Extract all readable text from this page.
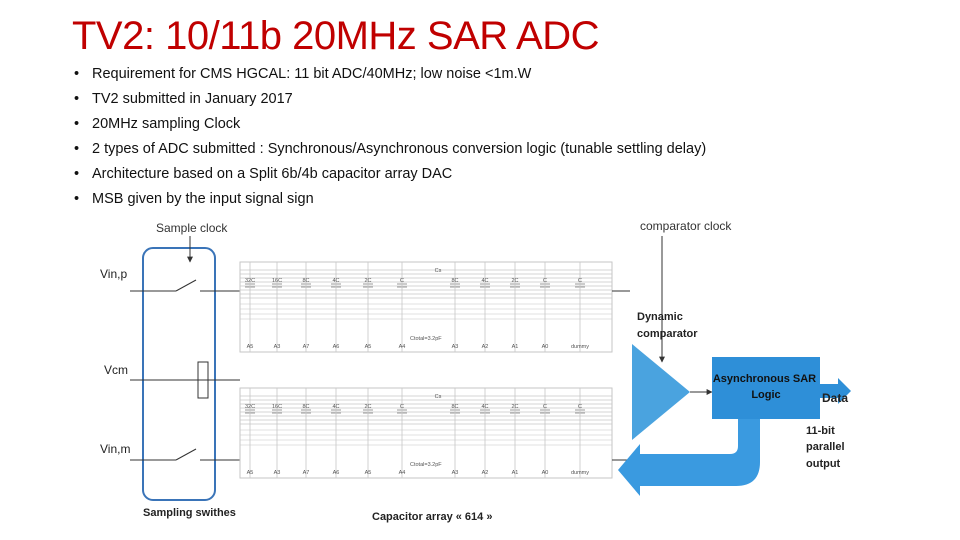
TV2: 10/11b 20MHz SAR ADC
• Requirement for CMS HGCAL: 11 bit ADC/40MHz; low noise <1m.W
• TV2 submitted in January 2017
• 20MHz sampling Clock
• 2 types of ADC submitted : Synchronous/Asynchronous conversion logic (tunable settling delay)
• Architecture based on a Split 6b/4b capacitor array DAC
• MSB given by the input signal sign
32C
A5
16C
A3
8C
A7
4C
A6
2C
A5
C
A4
8C
A3
4C
A2
2C
A1
C
A0
C
dummy
Cs
Ctotal=3.2pF
32C
A5
16C
A3
8C
A7
4C
A6
2C
A5
C
A4
8C
A3
4C
A2
2C
A1
C
A0
C
dummy
Cs
Ctotal=3.2pF
Sample clock
Vin,p
Vcm
Vin,m
Sampling swithes	Capacitor array « 614 »
comparator clock
Dynamic comparator
Asynchronous SAR Logic	Data
11-bit parallel output
